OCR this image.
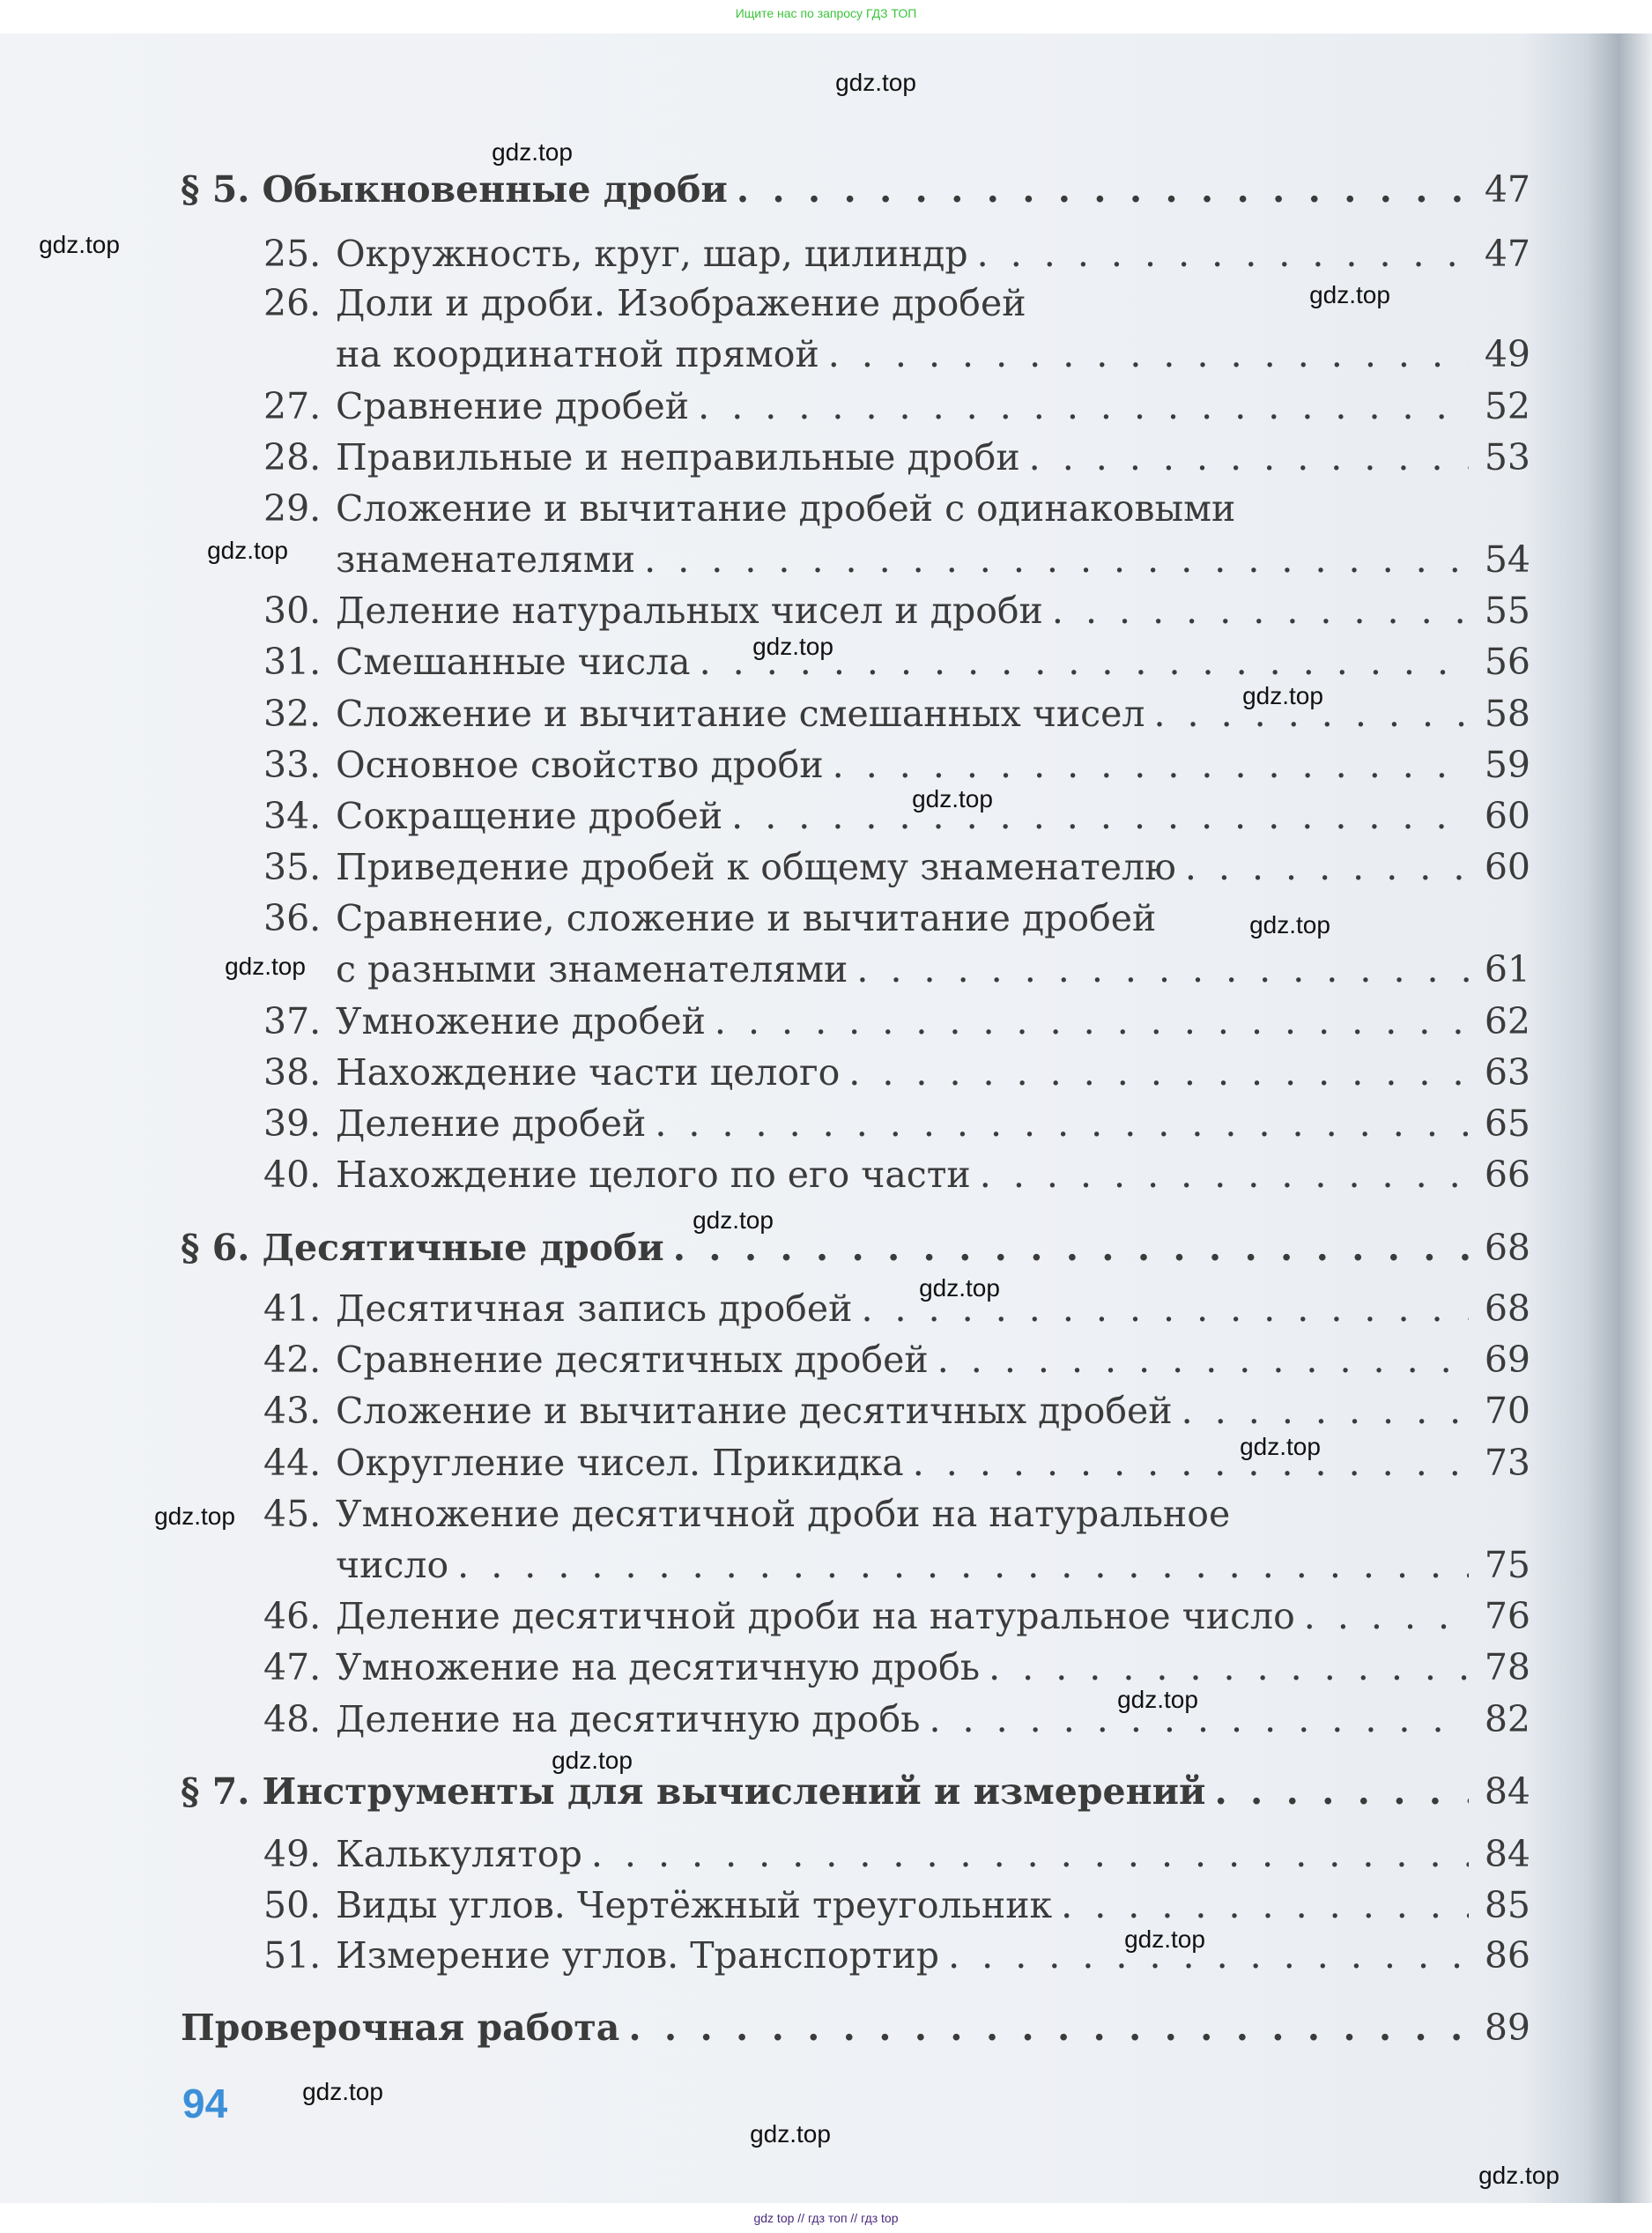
Ищите нас по запросу ГДЗ ТОП
§ 5. Обыкновенные дроби . . .	47
25. Окружность, круг, шар, цилиндр . . .	47
26. Доли и дроби. Изображение дробей
на координатной прямой . . .	49
27. Сравнение дробей . . .	52
28. Правильные и неправильные дроби . . .	53
29. Сложение и вычитание дробей с одинаковыми
знаменателями . . .	54
30. Деление натуральных чисел и дроби . . .	55
31. Смешанные числа . . .	56
32. Сложение и вычитание смешанных чисел . . .	58
33. Основное свойство дроби . . .	59
34. Сокращение дробей . . .	60
35. Приведение дробей к общему знаменателю . . .	60
36. Сравнение, сложение и вычитание дробей
с разными знаменателями . . .	61
37. Умножение дробей . . .	62
38. Нахождение части целого . . .	63
39. Деление дробей . . .	65
40. Нахождение целого по его части . . .	66
§ 6. Десятичные дроби . . .	68
41. Десятичная запись дробей . . .	68
42. Сравнение десятичных дробей . . .	69
43. Сложение и вычитание десятичных дробей . . .	70
44. Округление чисел. Прикидка . . .	73
45. Умножение десятичной дроби на натуральное
число . . .	75
46. Деление десятичной дроби на натуральное число . . .	76
47. Умножение на десятичную дробь . . .	78
48. Деление на десятичную дробь . . .	82
§ 7. Инструменты для вычислений и измерений . . .	84
49. Калькулятор . . .	84
50. Виды углов. Чертёжный треугольник . . .	85
51. Измерение углов. Транспортир . . .	86
Проверочная работа . . .	89
94
gdz.top
gdz.top
gdz.top
gdz.top
gdz.top
gdz.top
gdz.top
gdz.top
gdz.top
gdz.top
gdz.top
gdz.top
gdz.top
gdz.top
gdz.top
gdz.top
gdz.top
gdz.top
gdz.top
gdz.top
gdz top // гдз топ // гдз top
